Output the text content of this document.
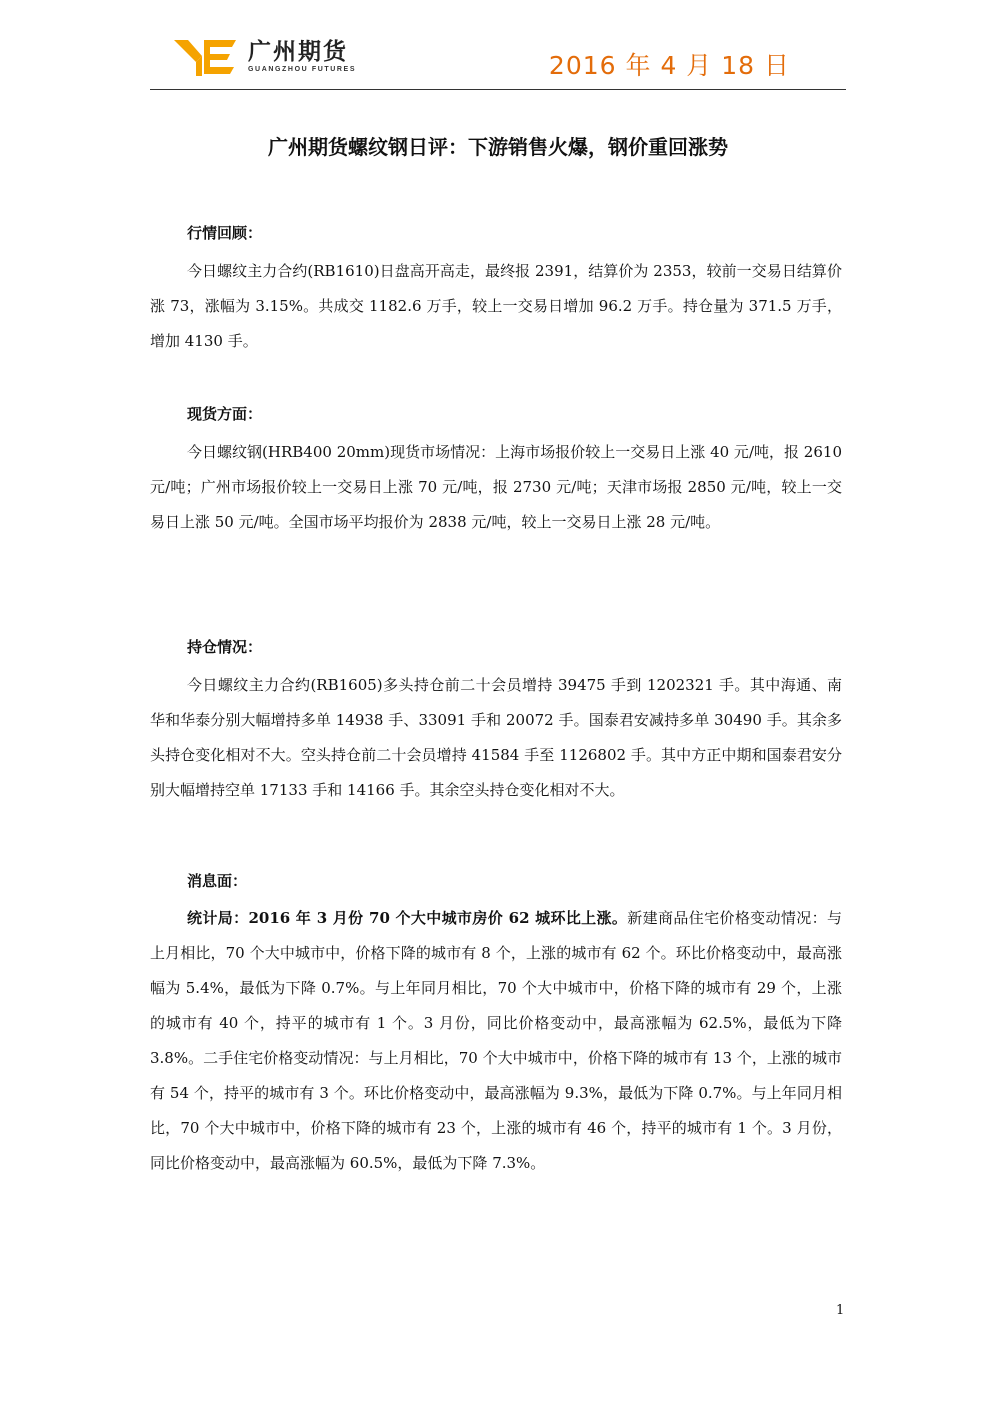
广州期货
GUANGZHOU FUTURES	2016 年 4 月 18 日
广州期货螺纹钢日评：下游销售火爆，钢价重回涨势
行情回顾：
今日螺纹主力合约(RB1610)日盘高开高走，最终报 2391，结算价为 2353，较前一交易日结算价涨 73，涨幅为 3.15%。共成交 1182.6 万手，较上一交易日增加 96.2 万手。持仓量为 371.5 万手，增加 4130 手。
现货方面：
今日螺纹钢(HRB400 20mm)现货市场情况：上海市场报价较上一交易日上涨 40 元/吨，报 2610 元/吨；广州市场报价较上一交易日上涨 70 元/吨，报 2730 元/吨；天津市场报 2850 元/吨，较上一交易日上涨 50 元/吨。全国市场平均报价为 2838 元/吨，较上一交易日上涨 28 元/吨。
持仓情况：
今日螺纹主力合约(RB1605)多头持仓前二十会员增持 39475 手到 1202321 手。其中海通、南华和华泰分别大幅增持多单 14938 手、33091 手和 20072 手。国泰君安减持多单 30490 手。其余多头持仓变化相对不大。空头持仓前二十会员增持 41584 手至 1126802 手。其中方正中期和国泰君安分别大幅增持空单 17133 手和 14166 手。其余空头持仓变化相对不大。
消息面：
统计局：2016 年 3 月份 70 个大中城市房价 62 城环比上涨。新建商品住宅价格变动情况：与上月相比，70 个大中城市中，价格下降的城市有 8 个，上涨的城市有 62 个。环比价格变动中，最高涨幅为 5.4%，最低为下降 0.7%。与上年同月相比，70 个大中城市中，价格下降的城市有 29 个，上涨的城市有 40 个，持平的城市有 1 个。3 月份，同比价格变动中，最高涨幅为 62.5%，最低为下降 3.8%。二手住宅价格变动情况：与上月相比，70 个大中城市中，价格下降的城市有 13 个，上涨的城市有 54 个，持平的城市有 3 个。环比价格变动中，最高涨幅为 9.3%，最低为下降 0.7%。与上年同月相比，70 个大中城市中，价格下降的城市有 23 个，上涨的城市有 46 个，持平的城市有 1 个。3 月份，同比价格变动中，最高涨幅为 60.5%，最低为下降 7.3%。
1
